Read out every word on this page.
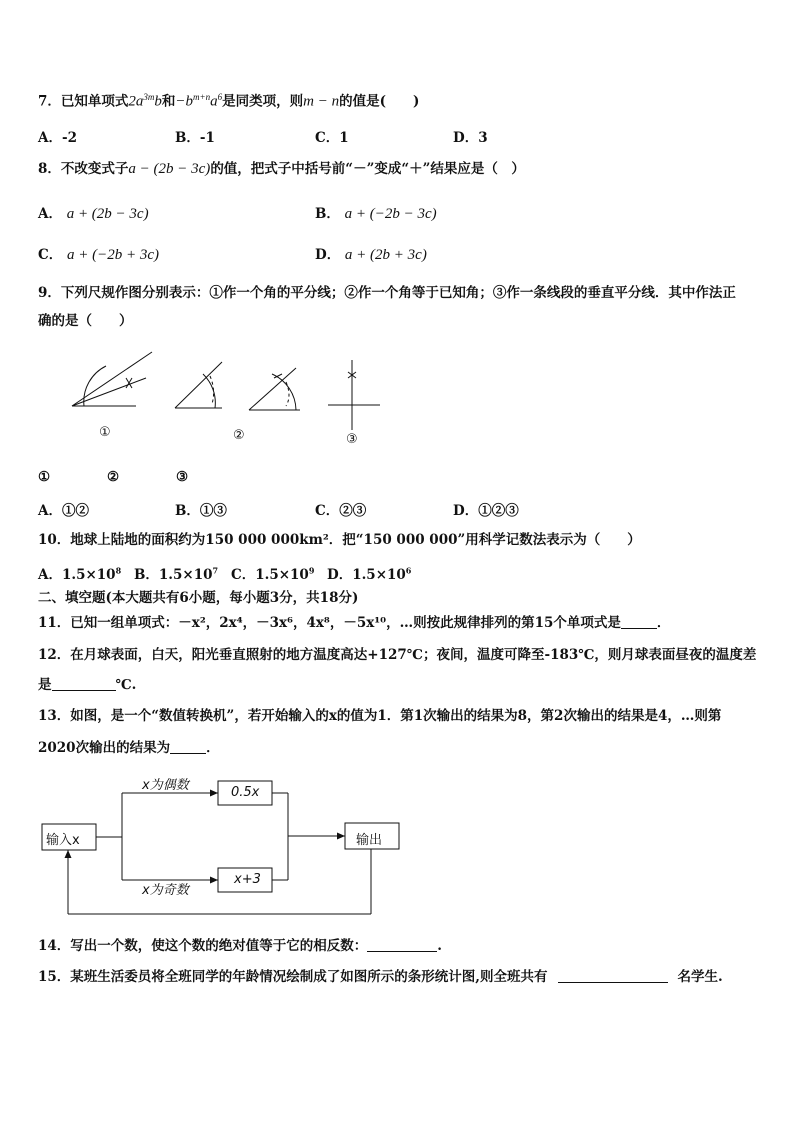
7．已知单项式$2a^{3m}b$和$-b^{m+n}a^6$是同类项，则m − n的值是(　　)
A．-2	B．-1	C．1	D．3
8．不改变式子a − (2b − 3c)的值，把式子中括号前“－”变成“＋”结果应是（　）
A． a + (2b − 3c)	B． a + (−2b − 3c)
C． a + (−2b + 3c)	D． a + (2b + 3c)
9．下列尺规作图分别表示：①作一个角的平分线；②作一个角等于已知角；③作一条线段的垂直平分线．其中作法正
确的是（　　）
①	②	③
①	②	③
A．①②	B．①③	C．②③	D．①②③
10．地球上陆地的面积约为150 000 000km²．把“150 000 000”用科学记数法表示为（　　）
A．$1.5\times 10^8$ B．$1.5\times 10^7$ C．$1.5\times 10^9$ D．$1.5\times 10^6$
二、填空题(本大题共有6小题，每小题3分，共18分)
11．已知一组单项式：－x²，2x⁴，－3x⁶，4x⁸，－5x¹⁰，…则按此规律排列的第15个单项式是	．
12．在月球表面，白天，阳光垂直照射的地方温度高达+127℃；夜间，温度可降至-183℃，则月球表面昼夜的温度差
是	℃.
13．如图，是一个“数值转换机”，若开始输入的x的值为1．第1次输出的结果为8，第2次输出的结果是4，…则第
2020次输出的结果为	．
输入x
x为偶数
x为奇数
0.5x
x+3
输出
14．写出一个数，使这个数的绝对值等于它的相反数：	.
15．某班生活委员将全班同学的年龄情况绘制成了如图所示的条形统计图,则全班共有	名学生.
